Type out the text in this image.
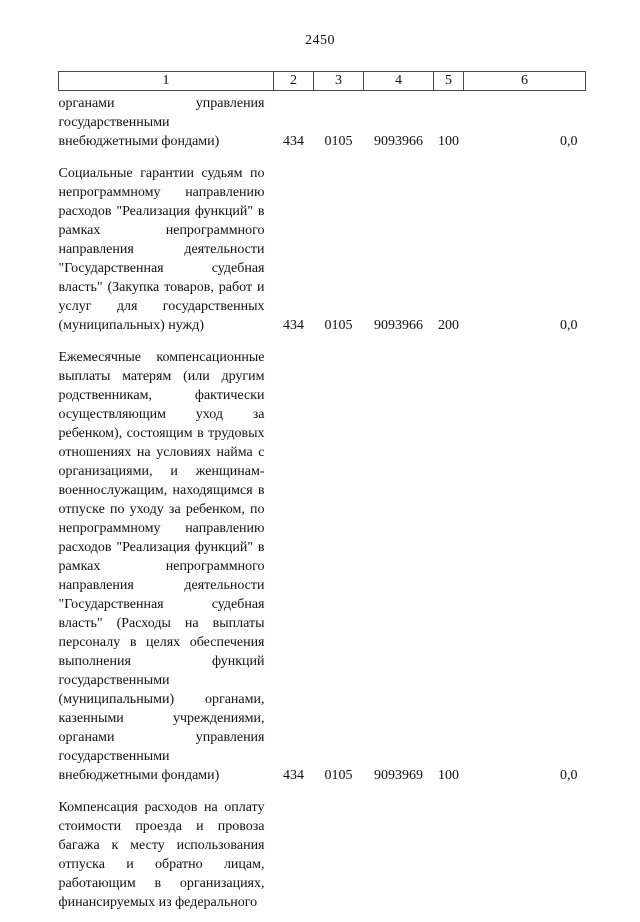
2450
1	2	3	4	5	6
органами управления государственными внебюджетными фондами)	434	0105	9093966	100	0,0
Социальные гарантии судьям по непрограммному направлению расходов "Реализация функций" в рамках непрограммного направления деятельности "Государственная судебная власть" (Закупка товаров, работ и услуг для государственных (муниципальных) нужд)	434	0105	9093966	200	0,0
Ежемесячные компенсационные выплаты матерям (или другим родственникам, фактически осуществляющим уход за ребенком), состоящим в трудовых отношениях на условиях найма с организациями, и женщинам-военнослужащим, находящимся в отпуске по уходу за ребенком, по непрограммному направлению расходов "Реализация функций" в рамках непрограммного направления деятельности "Государственная судебная власть" (Расходы на выплаты персоналу в целях обеспечения выполнения функций государственными (муниципальными) органами, казенными учреждениями, органами управления государственными внебюджетными фондами)	434	0105	9093969	100	0,0
Компенсация расходов на оплату стоимости проезда и провоза багажа к месту использования отпуска и обратно лицам, работающим в организациях, финансируемых из федерального					
